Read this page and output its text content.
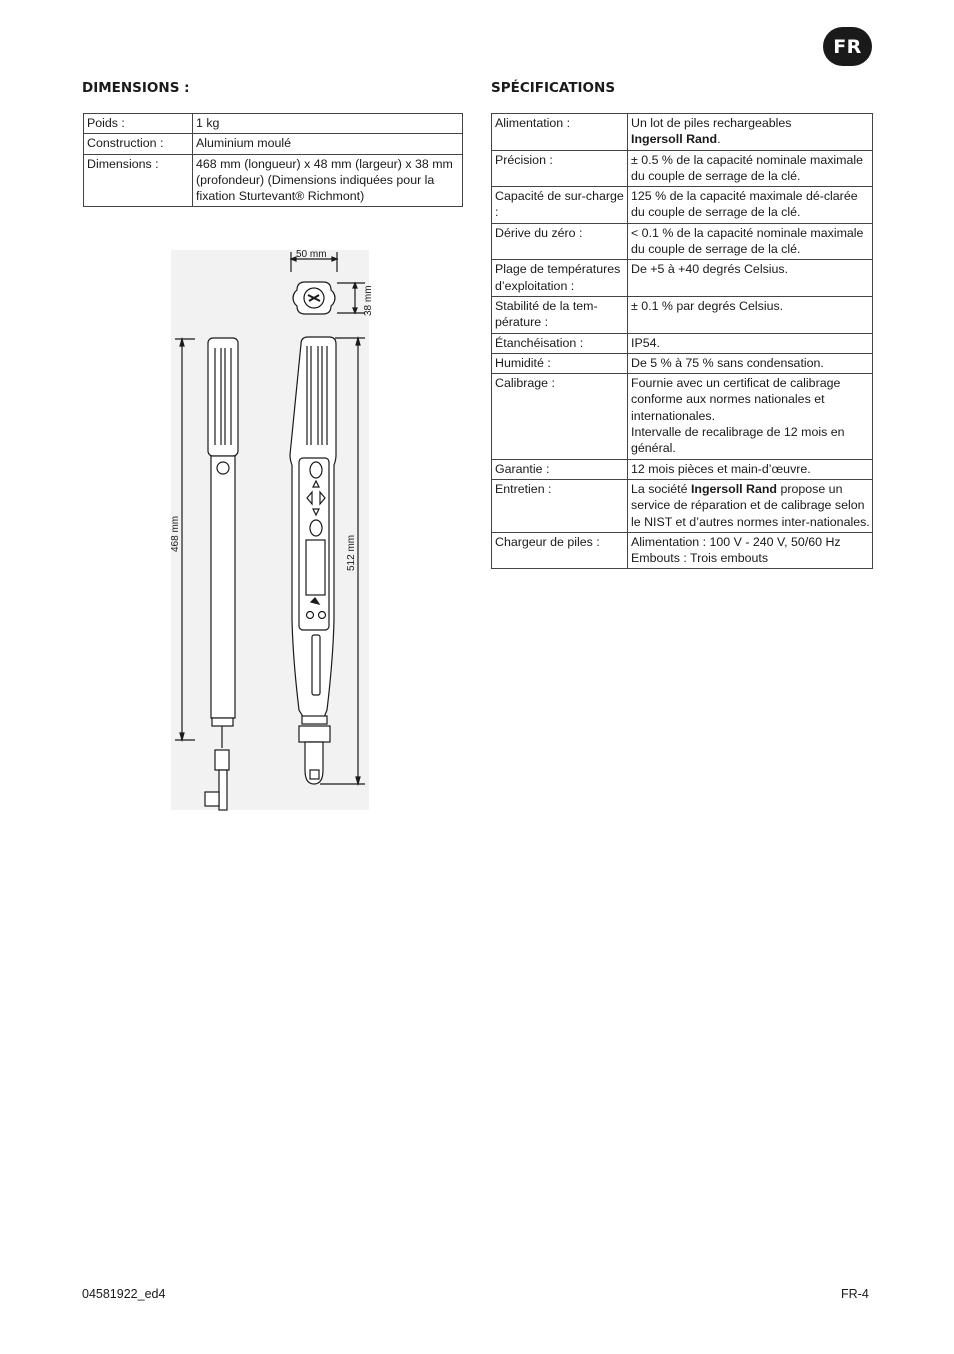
FR
DIMENSIONS :
Poids :	1 kg
Construction :	Aluminium moulé
Dimensions :	468 mm (longueur) x 48 mm (largeur) x 38 mm (profondeur) (Dimensions indiquées pour la fixation Sturtevant® Richmont)
50 mm
38 mm
468 mm
512 mm
SPÉCIFICATIONS
Alimentation :	Un lot de piles rechargeables
Ingersoll Rand.
Précision :	± 0.5 % de la capacité nominale maximale du couple de serrage de la clé.
Capacité de sur-charge :	125 % de la capacité maximale dé-clarée du couple de serrage de la clé.
Dérive du zéro :	< 0.1 % de la capacité nominale maximale du couple de serrage de la clé.
Plage de températures d’exploitation :	De +5 à +40 degrés Celsius.
Stabilité de la tem-pérature :	± 0.1 % par degrés Celsius.
Étanchéisation :	IP54.
Humidité :	De 5 % à 75 % sans condensation.
Calibrage :	Fournie avec un certificat de calibrage conforme aux normes nationales et internationales.
Intervalle de recalibrage de 12 mois en général.
Garantie :	12 mois pièces et main-d’œuvre.
Entretien :	La société Ingersoll Rand propose un service de réparation et de calibrage selon le NIST et d’autres normes inter-nationales.
Chargeur de piles :	Alimentation : 100 V - 240 V, 50/60 Hz
Embouts : Trois embouts
04581922_ed4	FR-4
